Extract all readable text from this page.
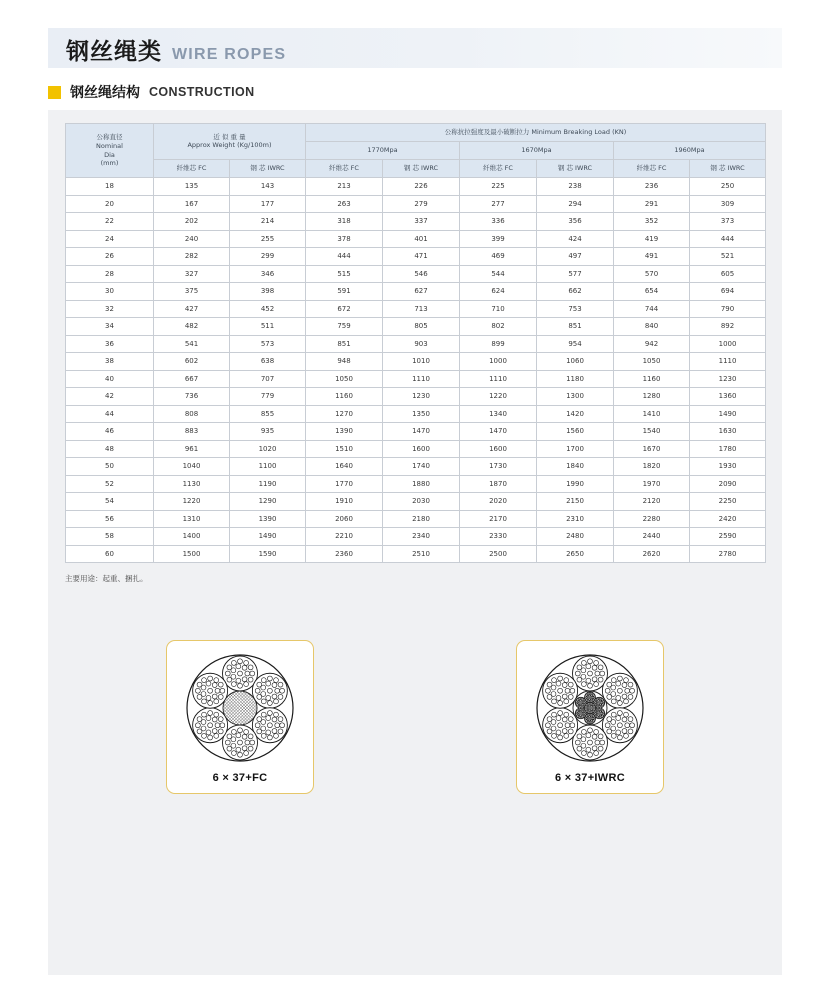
钢丝绳类 WIRE ROPES
钢丝绳结构 CONSTRUCTION
公称直径
Nominal
Dia
(mm)

近 似 重 量
Approx Weight (Kg/100m)
	公称抗拉强度及最小破断拉力 Minimum Breaking Load (KN)
			1770Mpa		1670Mpa		1960Mpa	
	纤维芯 FC	钢 芯 IWRC	纤维芯 FC	钢 芯 IWRC	纤维芯 FC	钢 芯 IWRC	纤维芯 FC	钢 芯 IWRC
18	135	143	213	226	225	238	236	250
20	167	177	263	279	277	294	291	309
22	202	214	318	337	336	356	352	373
24	240	255	378	401	399	424	419	444
26	282	299	444	471	469	497	491	521
28	327	346	515	546	544	577	570	605
30	375	398	591	627	624	662	654	694
32	427	452	672	713	710	753	744	790
34	482	511	759	805	802	851	840	892
36	541	573	851	903	899	954	942	1000
38	602	638	948	1010	1000	1060	1050	1110
40	667	707	1050	1110	1110	1180	1160	1230
42	736	779	1160	1230	1220	1300	1280	1360
44	808	855	1270	1350	1340	1420	1410	1490
46	883	935	1390	1470	1470	1560	1540	1630
48	961	1020	1510	1600	1600	1700	1670	1780
50	1040	1100	1640	1740	1730	1840	1820	1930
52	1130	1190	1770	1880	1870	1990	1970	2090
54	1220	1290	1910	2030	2020	2150	2120	2250
56	1310	1390	2060	2180	2170	2310	2280	2420
58	1400	1490	2210	2340	2330	2480	2440	2590
60	1500	1590	2360	2510	2500	2650	2620	2780
主要用途：起重、捆扎。
6 × 37+FC	6 × 37+IWRC
